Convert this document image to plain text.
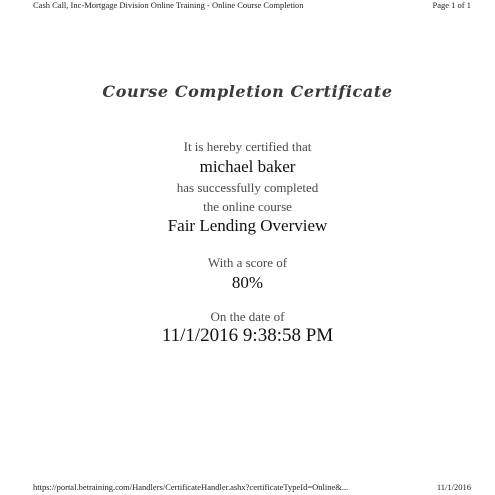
Cash Call, Inc-Mortgage Division Online Training - Online Course Completion	Page 1 of 1
Course Completion Certificate
It is hereby certified that
michael baker
has successfully completed
the online course
Fair Lending Overview
With a score of
80%
On the date of
11/1/2016 9:38:58 PM
https://portal.betraining.com/Handlers/CertificateHandler.ashx?certificateTypeId=Online&...	11/1/2016
